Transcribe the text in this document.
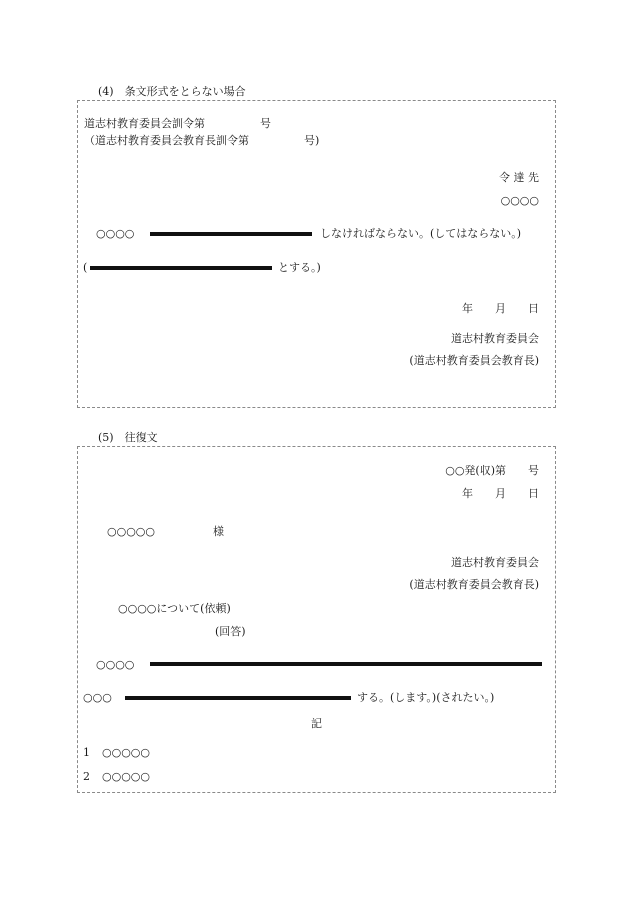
(4)　条文形式をとらない場合
道志村教育委員会訓令第　　　　　号
（道志村教育委員会教育長訓令第　　　　　号)
令 達 先
○○○○
○○○○	しなければならない。(してはならない。)
(	とする。)
年　　月　　日
道志村教育委員会
(道志村教育委員会教育長)
(5)　往復文
○○発(収)第　　号
年　　月　　日
○○○○○	様
道志村教育委員会
(道志村教育委員会教育長)
○○○○について(依頼)
(回答)
○○○○
○○○	する。(します。)(されたい。)
記
1 ○○○○○
2 ○○○○○
